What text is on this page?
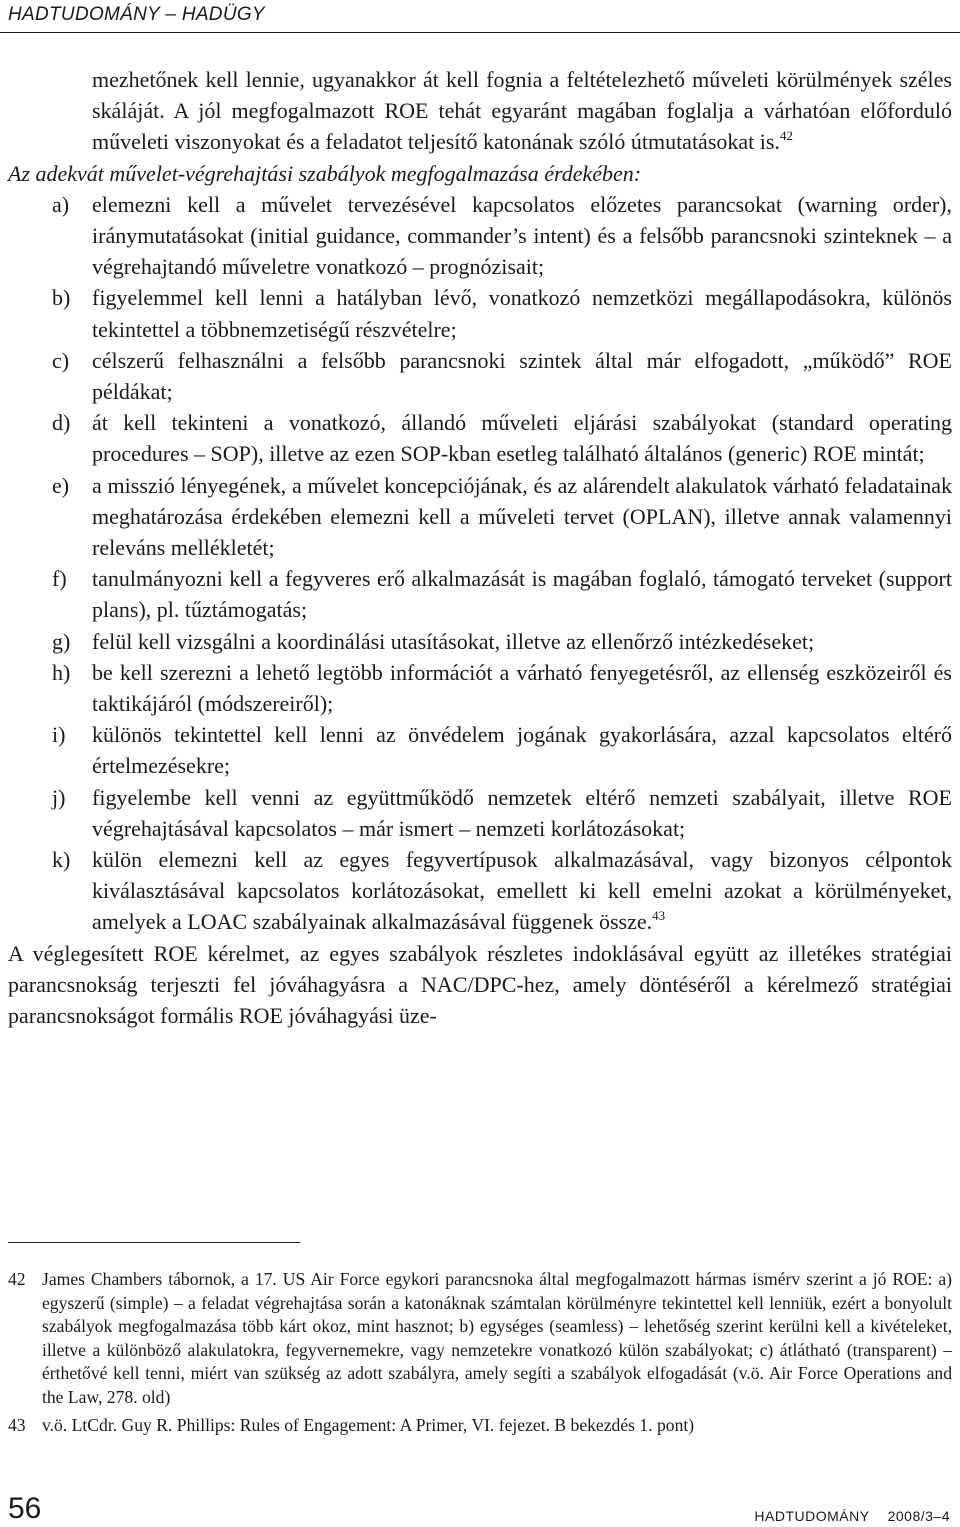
HADTUDOMÁNY – HADÜGY

mezhetőnek kell lennie, ugyanakkor át kell fognia a feltételezhető műveleti körülmények széles skáláját. A jól megfogalmazott ROE tehát egyaránt magában foglalja a várhatóan előforduló műveleti viszonyokat és a feladatot teljesítő katonának szóló útmutatásokat is.$^{42}$

Az adekvát művelet-végrehajtási szabályok megfogalmazása érdekében:

a)	elemezni kell a művelet tervezésével kapcsolatos előzetes parancsokat (warning order), iránymutatásokat (initial guidance, commander’s intent) és a felsőbb parancsnoki szinteknek – a végrehajtandó műveletre vonatkozó – prognózisait;
b) figyelemmel kell lenni a hatályban lévő, vonatkozó nemzetközi megállapodásokra, különös tekintettel a többnemzetiségű részvételre;
c)	célszerű felhasználni a felsőbb parancsnoki szintek által már elfogadott, „működő” ROE példákat;
d) át kell tekinteni a vonatkozó, állandó műveleti eljárási szabályokat (standard operating procedures – SOP), illetve az ezen SOP-kban esetleg található általános (generic) ROE mintát;
e)	a misszió lényegének, a művelet koncepciójának, és az alárendelt alakulatok várható feladatainak meghatározása érdekében elemezni kell a műveleti tervet (OPLAN), illetve annak valamennyi releváns mellékletét;
f)	tanulmányozni kell a fegyveres erő alkalmazását is magában foglaló, támogató terveket (support plans), pl. tűztámogatás;
g) felül kell vizsgálni a koordinálási utasításokat, illetve az ellenőrző intézkedéseket;
h) be kell szerezni a lehető legtöbb információt a várható fenyegetésről, az ellenség eszközeiről és taktikájáról (módszereiről);
i)	különös tekintettel kell lenni az önvédelem jogának gyakorlására, azzal kapcsolatos eltérő értelmezésekre;
j)	figyelembe kell venni az együttműködő nemzetek eltérő nemzeti szabályait, illetve ROE végrehajtásával kapcsolatos – már ismert – nemzeti korlátozásokat;
k) külön elemezni kell az egyes fegyvertípusok alkalmazásával, vagy bizonyos célpontok kiválasztásával kapcsolatos korlátozásokat, emellett ki kell emelni azokat a körülményeket, amelyek a LOAC szabályainak alkalmazásával függenek össze.$^{43}$

A véglegesített ROE kérelmet, az egyes szabályok részletes indoklásával együtt az illetékes stratégiai parancsnokság terjeszti fel jóváhagyásra a NAC/DPC-hez, amely döntéséről a kérelmező stratégiai parancsnokságot formális ROE jóváhagyási üze-

42 James Chambers tábornok, a 17. US Air Force egykori parancsnoka által megfogalmazott hármas ismérv szerint a jó ROE: a) egyszerű (simple) – a feladat végrehajtása során a katonáknak számtalan körülményre tekintettel kell lenniük, ezért a bonyolult szabályok megfogalmazása több kárt okoz, mint hasznot; b) egységes (seamless) – lehetőség szerint kerülni kell a kivételeket, illetve a különböző alakulatokra, fegyvernemekre, vagy nemzetekre vonatkozó külön szabályokat; c) átlátható (transparent) – érthetővé kell tenni, miért van szükség az adott szabályra, amely segíti a szabályok elfogadását (v.ö. Air Force Operations and the Law, 278. old)
43 v.ö. LtCdr. Guy R. Phillips: Rules of Engagement: A Primer, VI. fejezet. B bekezdés 1. pont)
56	HADTUDOMÁNY 2008/3–4
